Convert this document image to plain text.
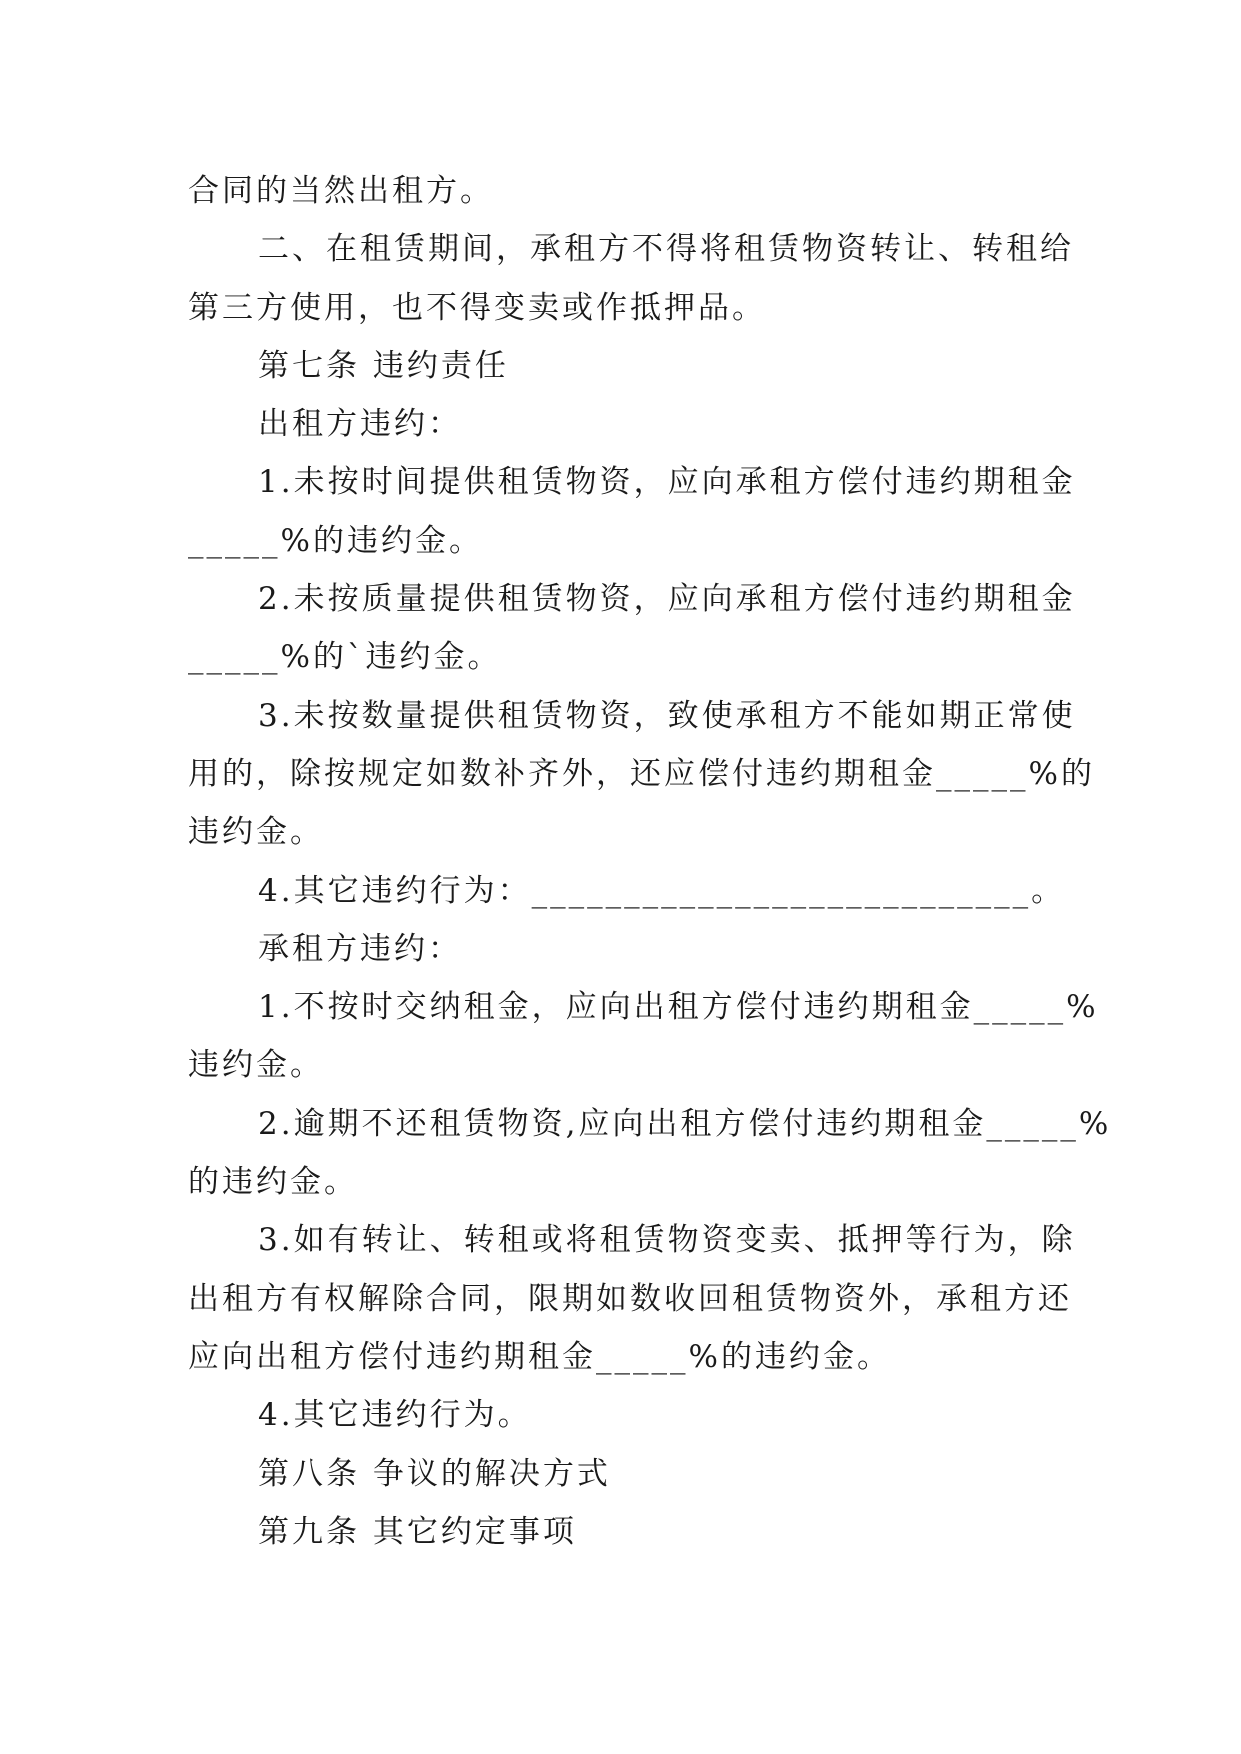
合同的当然出租方。
二、在租赁期间，承租方不得将租赁物资转让、转租给
第三方使用，也不得变卖或作抵押品。
第七条 违约责任
出租方违约：
1.未按时间提供租赁物资，应向承租方偿付违约期租金
_____%的违约金。
2.未按质量提供租赁物资，应向承租方偿付违约期租金
_____%的`违约金。
3.未按数量提供租赁物资，致使承租方不能如期正常使
用的，除按规定如数补齐外，还应偿付违约期租金_____%的
违约金。
4.其它违约行为：___________________________。
承租方违约：
1.不按时交纳租金，应向出租方偿付违约期租金_____%
违约金。
2.逾期不还租赁物资,应向出租方偿付违约期租金_____%
的违约金。
3.如有转让、转租或将租赁物资变卖、抵押等行为，除
出租方有权解除合同，限期如数收回租赁物资外，承租方还
应向出租方偿付违约期租金_____%的违约金。
4.其它违约行为。
第八条 争议的解决方式
第九条 其它约定事项
